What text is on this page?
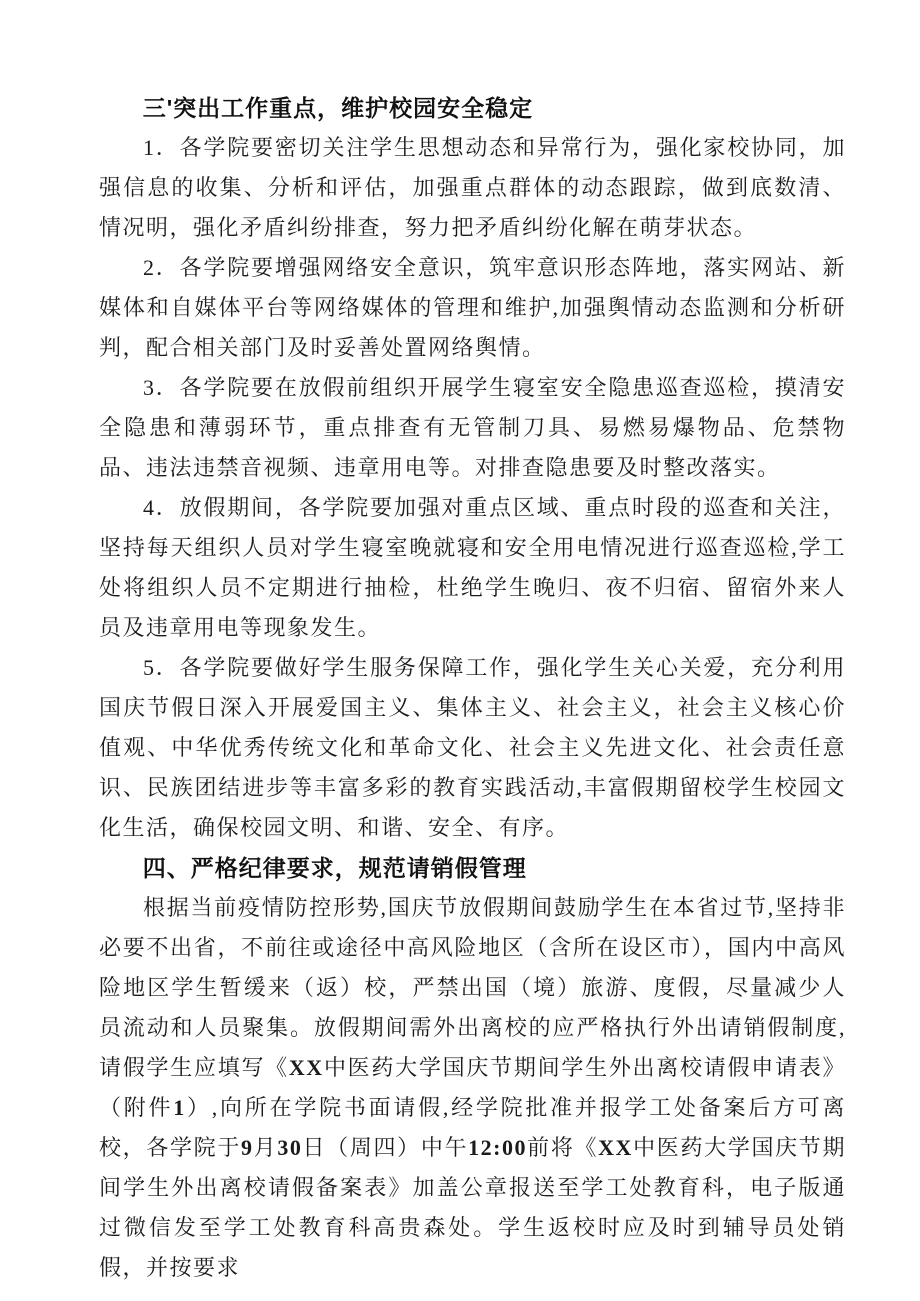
三'突出工作重点，维护校园安全稳定

1．各学院要密切关注学生思想动态和异常行为，强化家校协同，加强信息的收集、分析和评估，加强重点群体的动态跟踪，做到底数清、情况明，强化矛盾纠纷排查，努力把矛盾纠纷化解在萌芽状态。

2．各学院要增强网络安全意识，筑牢意识形态阵地，落实网站、新媒体和自媒体平台等网络媒体的管理和维护,加强舆情动态监测和分析研判，配合相关部门及时妥善处置网络舆情。

3．各学院要在放假前组织开展学生寝室安全隐患巡查巡检，摸清安全隐患和薄弱环节，重点排查有无管制刀具、易燃易爆物品、危禁物品、违法违禁音视频、违章用电等。对排查隐患要及时整改落实。

4．放假期间，各学院要加强对重点区域、重点时段的巡查和关注，坚持每天组织人员对学生寝室晚就寝和安全用电情况进行巡查巡检,学工处将组织人员不定期进行抽检，杜绝学生晚归、夜不归宿、留宿外来人员及违章用电等现象发生。

5．各学院要做好学生服务保障工作，强化学生关心关爱，充分利用国庆节假日深入开展爱国主义、集体主义、社会主义，社会主义核心价值观、中华优秀传统文化和革命文化、社会主义先进文化、社会责任意识、民族团结进步等丰富多彩的教育实践活动,丰富假期留校学生校园文化生活，确保校园文明、和谐、安全、有序。

四、严格纪律要求，规范请销假管理

根据当前疫情防控形势,国庆节放假期间鼓励学生在本省过节,坚持非必要不出省，不前往或途径中高风险地区（含所在设区市），国内中高风险地区学生暂缓来（返）校，严禁出国（境）旅游、度假，尽量减少人员流动和人员聚集。放假期间需外出离校的应严格执行外出请销假制度,请假学生应填写《XX中医药大学国庆节期间学生外出离校请假申请表》（附件1）,向所在学院书面请假,经学院批准并报学工处备案后方可离校，各学院于9月30日（周四）中午12:00前将《XX中医药大学国庆节期间学生外出离校请假备案表》加盖公章报送至学工处教育科，电子版通过微信发至学工处教育科高贵森处。学生返校时应及时到辅导员处销假，并按要求
